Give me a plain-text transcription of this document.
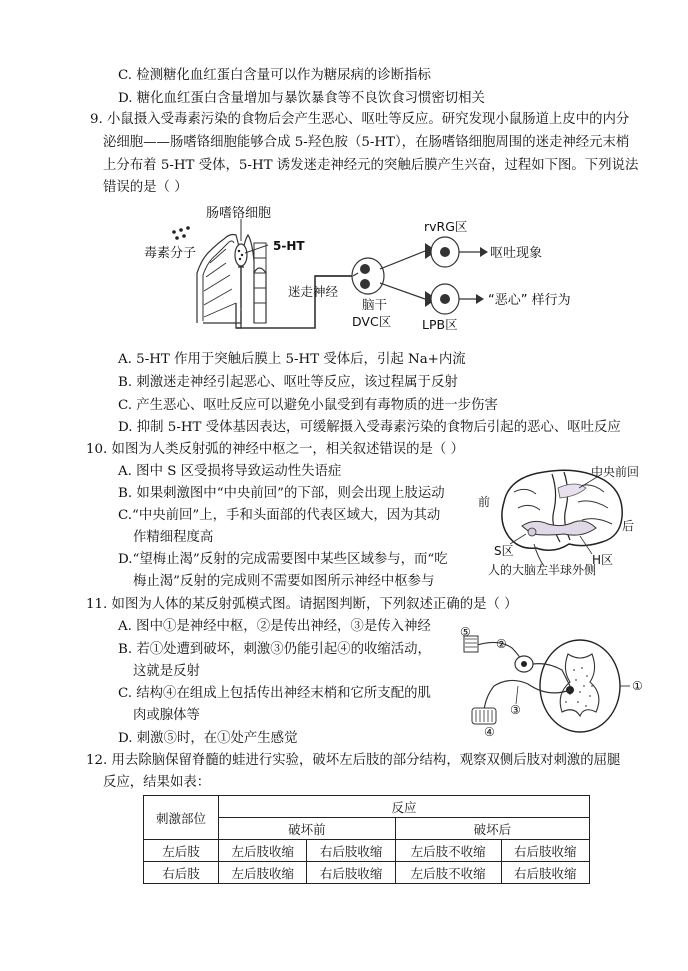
C. 检测糖化血红蛋白含量可以作为糖尿病的诊断指标
D. 糖化血红蛋白含量增加与暴饮暴食等不良饮食习惯密切相关
9. 小鼠摄入受毒素污染的食物后会产生恶心、呕吐等反应。研究发现小鼠肠道上皮中的内分
泌细胞——肠嗜铬细胞能够合成 5-羟色胺（5-HT），在肠嗜铬细胞周围的迷走神经元末梢
上分布着 5-HT 受体，5-HT 诱发迷走神经元的突触后膜产生兴奋，过程如下图。下列说法
错误的是（ ）
肠嗜铬细胞
毒素分子	5-HT
迷走神经
脑干
DVC区
rvRG区
呕吐现象
“恶心” 样行为
LPB区
A. 5-HT 作用于突触后膜上 5-HT 受体后，引起 Na+内流
B. 刺激迷走神经引起恶心、呕吐等反应，该过程属于反射
C. 产生恶心、呕吐反应可以避免小鼠受到有毒物质的进一步伤害
D. 抑制 5-HT 受体基因表达，可缓解摄入受毒素污染的食物后引起的恶心、呕吐反应
10. 如图为人类反射弧的神经中枢之一，相关叙述错误的是（ ）
A. 图中 S 区受损将导致运动性失语症
B. 如果刺激图中“中央前回”的下部，则会出现上肢运动
C.“中央前回”上，手和头面部的代表区域大，因为其动
作精细程度高
D.“望梅止渴”反射的完成需要图中某些区域参与，而“吃
梅止渴”反射的完成则不需要如图所示神经中枢参与
中央前回
前
后
S区
H区
人的大脑左半球外侧
11. 如图为人体的某反射弧模式图。请据图判断，下列叙述正确的是（ ）
A. 图中①是神经中枢，②是传出神经，③是传入神经
B. 若①处遭到破坏，刺激③仍能引起④的收缩活动，
这就是反射
C. 结构④在组成上包括传出神经末梢和它所支配的肌
肉或腺体等
D. 刺激⑤时，在①处产生感觉
⑤
②
①
③
④
12. 用去除脑保留脊髓的蛙进行实验，破坏左后肢的部分结构，观察双侧后肢对刺激的屈腿
反应，结果如表：
刺激部位	反应			
	破坏前		破坏后	
左后肢	左后肢收缩	右后肢收缩	左后肢不收缩	右后肢收缩
右后肢	左后肢收缩	右后肢收缩	左后肢不收缩	右后肢收缩
